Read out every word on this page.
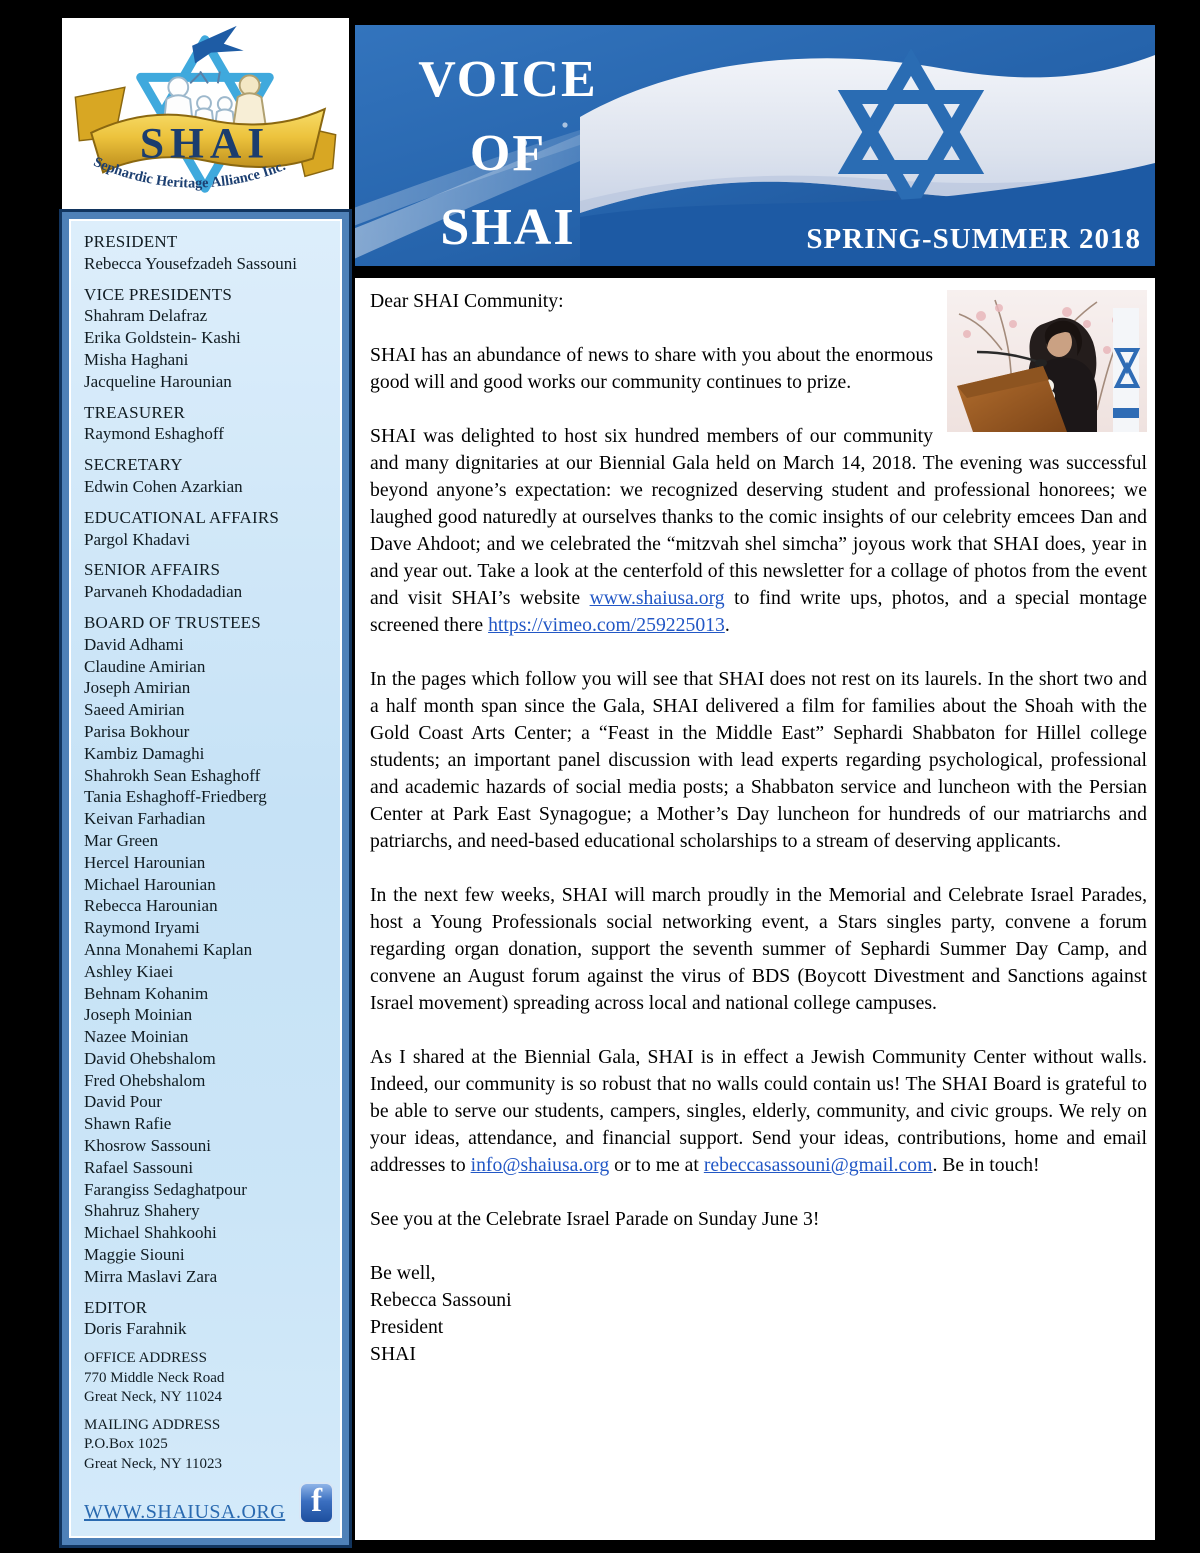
SHAI
Sephardic Heritage Alliance Inc.
VOICE
OF
SHAI	SPRING-SUMMER 2018
PRESIDENT
Rebecca Yousefzadeh Sassouni
VICE PRESIDENTS
Shahram Delafraz
Erika Goldstein- Kashi
Misha Haghani
Jacqueline Harounian
TREASURER
Raymond Eshaghoff
SECRETARY
Edwin Cohen Azarkian
EDUCATIONAL AFFAIRS
Pargol Khadavi
SENIOR AFFAIRS
Parvaneh Khodadadian
BOARD OF TRUSTEES
David Adhami
Claudine Amirian
Joseph Amirian
Saeed Amirian
Parisa Bokhour
Kambiz Damaghi
Shahrokh Sean Eshaghoff
Tania Eshaghoff-Friedberg
Keivan Farhadian
Mar Green
Hercel Harounian
Michael Harounian
Rebecca Harounian
Raymond Iryami
Anna Monahemi Kaplan
Ashley Kiaei
Behnam Kohanim
Joseph Moinian
Nazee Moinian
David Ohebshalom
Fred Ohebshalom
David Pour
Shawn Rafie
Khosrow Sassouni
Rafael Sassouni
Farangiss Sedaghatpour
Shahruz Shahery
Michael Shahkoohi
Maggie Siouni
Mirra Maslavi Zara
EDITOR
Doris Farahnik
OFFICE ADDRESS
770 Middle Neck Road
Great Neck, NY 11024
MAILING ADDRESS
P.O.Box 1025
Great Neck, NY 11023
WWW.SHAIUSA.ORG f

Dear SHAI Community:

SHAI has an abundance of news to share with you about the enormous good will and good works our community continues to prize.

SHAI was delighted to host six hundred members of our community and many dignitaries at our Biennial Gala held on March 14, 2018. The evening was successful beyond anyone’s expectation: we recognized deserving student and professional honorees; we laughed good naturedly at ourselves thanks to the comic insights of our celebrity emcees Dan and Dave Ahdoot; and we celebrated the “mitzvah shel simcha” joyous work that SHAI does, year in and year out. Take a look at the centerfold of this newsletter for a collage of photos from the event and visit SHAI’s website www.shaiusa.org to find write ups, photos, and a special montage screened there https://vimeo.com/259225013.

In the pages which follow you will see that SHAI does not rest on its laurels. In the short two and a half month span since the Gala, SHAI delivered a film for families about the Shoah with the Gold Coast Arts Center; a “Feast in the Middle East” Sephardi Shabbaton for Hillel college students; an important panel discussion with lead experts regarding psychological, professional and academic hazards of social media posts; a Shabbaton service and luncheon with the Persian Center at Park East Synagogue; a Mother’s Day luncheon for hundreds of our matriarchs and patriarchs, and need-based educational scholarships to a stream of deserving applicants.

In the next few weeks, SHAI will march proudly in the Memorial and Celebrate Israel Parades, host a Young Professionals social networking event, a Stars singles party, convene a forum regarding organ donation, support the seventh summer of Sephardi Summer Day Camp, and convene an August forum against the virus of BDS (Boycott Divestment and Sanctions against Israel movement) spreading across local and national college campuses.

As I shared at the Biennial Gala, SHAI is in effect a Jewish Community Center without walls. Indeed, our community is so robust that no walls could contain us! The SHAI Board is grateful to be able to serve our students, campers, singles, elderly, community, and civic groups. We rely on your ideas, attendance, and financial support. Send your ideas, contributions, home and email addresses to info@shaiusa.org or to me at rebeccasassouni@gmail.com. Be in touch!

See you at the Celebrate Israel Parade on Sunday June 3!

Be well,
Rebecca Sassouni
President
SHAI
